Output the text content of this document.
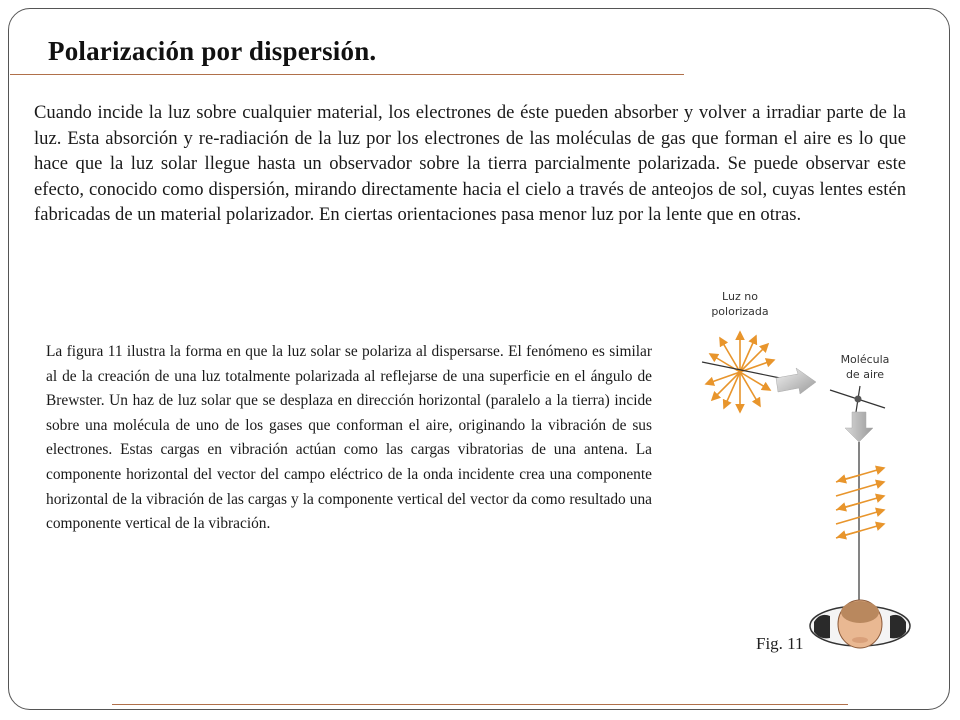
Polarización por dispersión.

Cuando incide la luz sobre cualquier material, los electrones de éste pueden absorber y volver a irradiar parte de la luz. Esta absorción y re-radiación de la luz por los electrones de las moléculas de gas que forman el aire es lo que hace que la luz solar llegue hasta un observador sobre la tierra parcialmente polarizada. Se puede observar este efecto, conocido como dispersión, mirando directamente hacia el cielo a través de anteojos de sol, cuyas lentes estén fabricadas de un material polarizador. En ciertas orientaciones pasa menor luz por la lente que en otras.

La figura 11 ilustra la forma en que la luz solar se polariza al dispersarse. El fenómeno es similar al de la creación de una luz totalmente polarizada al reflejarse de una superficie en el ángulo de Brewster. Un haz de luz solar que se desplaza en dirección horizontal (paralelo a la tierra) incide sobre una molécula de uno de los gases que conforman el aire, originando la vibración de sus electrones. Estas cargas en vibración actúan como las cargas vibratorias de una antena. La componente horizontal del vector del campo eléctrico de la onda incidente crea una componente horizontal de la vibración de las cargas y la componente vertical del vector da como resultado una componente vertical de la vibración.

Luz no
polorizada
Molécula
de aire

Fig. 11
